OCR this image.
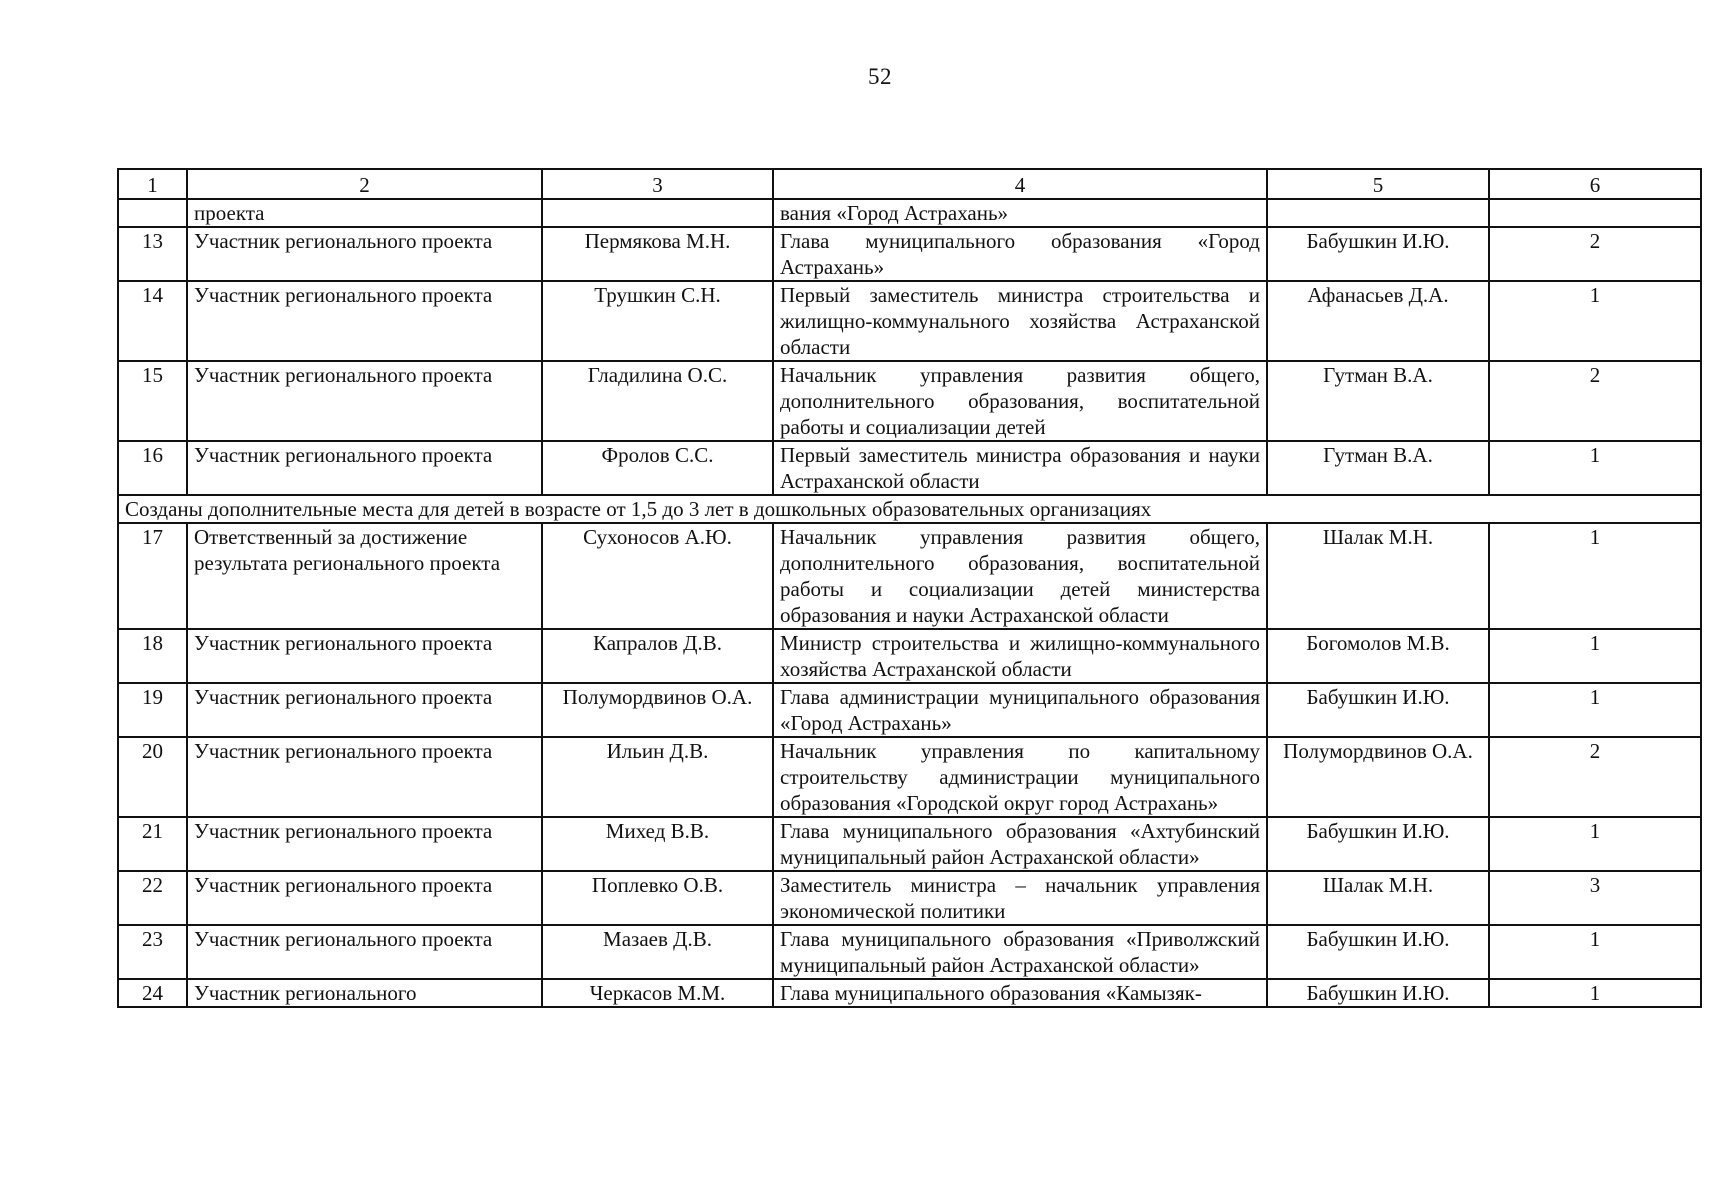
52
1	2	3	4	5	6
	проекта		вания «Город Астрахань»		
13	Участник регионального проекта	Пермякова М.Н.	Глава муниципального образования «Город Астрахань»	Бабушкин И.Ю.	2
14	Участник регионального проекта	Трушкин С.Н.	Первый заместитель министра строительства и жилищно-коммунального хозяйства Астраханской области	Афанасьев Д.А.	1
15	Участник регионального проекта	Гладилина О.С.	Начальник управления развития общего, дополнительного образования, воспитательной работы и социализации детей	Гутман В.А.	2
16	Участник регионального проекта	Фролов С.С.	Первый заместитель министра образования и науки Астраханской области	Гутман В.А.	1
Созданы дополнительные места для детей в возрасте от 1,5 до 3 лет в дошкольных образовательных организациях					
17	Ответственный за достижение результата регионального проекта	Сухоносов А.Ю.	Начальник управления развития общего, дополнительного образования, воспитательной работы и социализации детей министерства образования и науки Астраханской области	Шалак М.Н.	1
18	Участник регионального проекта	Капралов Д.В.	Министр строительства и жилищно-коммунального хозяйства Астраханской области	Богомолов М.В.	1
19	Участник регионального проекта	Полумордвинов О.А.	Глава администрации муниципального образования «Город Астрахань»	Бабушкин И.Ю.	1
20	Участник регионального проекта	Ильин Д.В.	Начальник управления по капитальному строительству администрации муниципального образования «Городской округ город Астрахань»	Полумордвинов О.А.	2
21	Участник регионального проекта	Михед В.В.	Глава муниципального образования «Ахтубинский муниципальный район Астраханской области»	Бабушкин И.Ю.	1
22	Участник регионального проекта	Поплевко О.В.	Заместитель министра – начальник управления экономической политики	Шалак М.Н.	3
23	Участник регионального проекта	Мазаев Д.В.	Глава муниципального образования «Приволжский муниципальный район Астраханской области»	Бабушкин И.Ю.	1
24	Участник регионального	Черкасов М.М.	Глава муниципального образования «Камызяк-	Бабушкин И.Ю.	1
